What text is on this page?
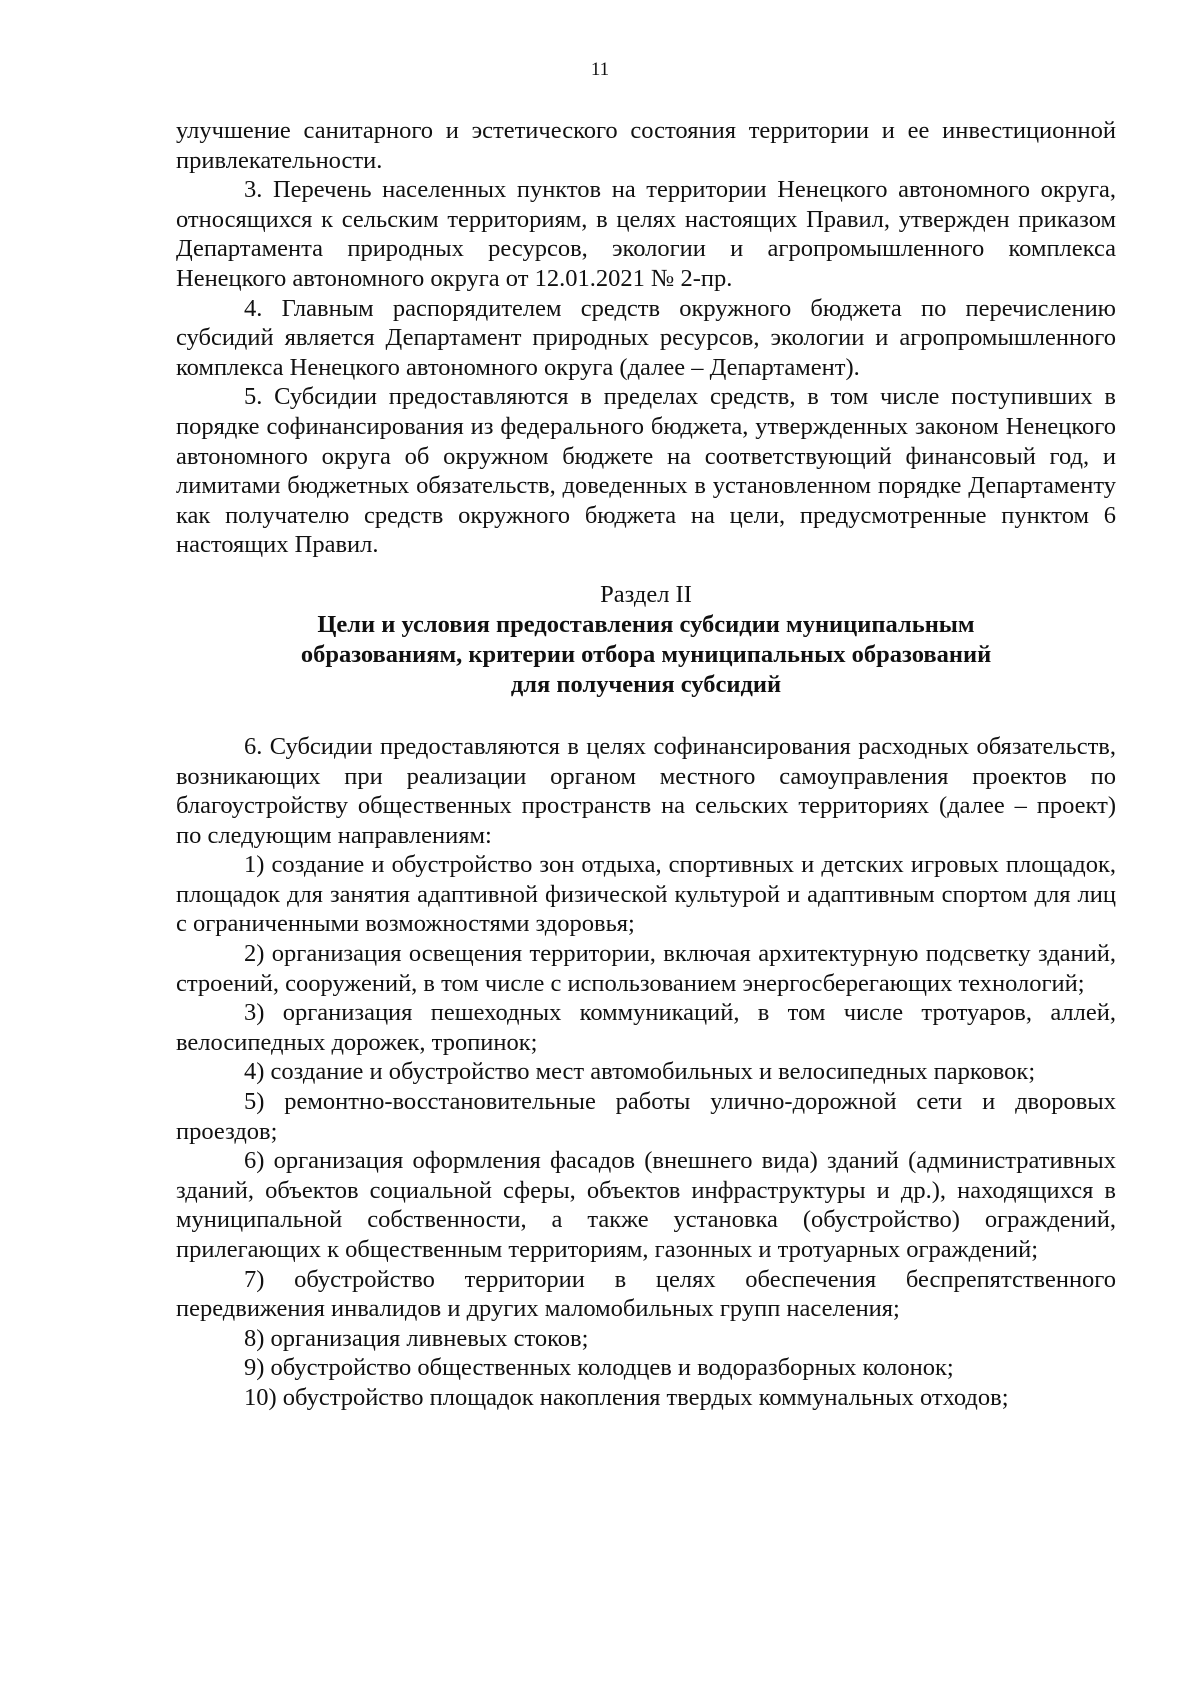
11

улучшение санитарного и эстетического состояния территории и ее инвестиционной привлекательности.

3. Перечень населенных пунктов на территории Ненецкого автономного округа, относящихся к сельским территориям, в целях настоящих Правил, утвержден приказом Департамента природных ресурсов, экологии и агропромышленного комплекса Ненецкого автономного округа от 12.01.2021 № 2-пр.

4. Главным распорядителем средств окружного бюджета по перечислению субсидий является Департамент природных ресурсов, экологии и агропромышленного комплекса Ненецкого автономного округа (далее – Департамент).

5. Субсидии предоставляются в пределах средств, в том числе поступивших в порядке софинансирования из федерального бюджета, утвержденных законом Ненецкого автономного округа об окружном бюджете на соответствующий финансовый год, и лимитами бюджетных обязательств, доведенных в установленном порядке Департаменту как получателю средств окружного бюджета на цели, предусмотренные пунктом 6 настоящих Правил.

Раздел II

Цели и условия предоставления субсидии муниципальным

образованиям, критерии отбора муниципальных образований

для получения субсидий

6. Субсидии предоставляются в целях софинансирования расходных обязательств, возникающих при реализации органом местного самоуправления проектов по благоустройству общественных пространств на сельских территориях (далее – проект) по следующим направлениям:

1) создание и обустройство зон отдыха, спортивных и детских игровых площадок, площадок для занятия адаптивной физической культурой и адаптивным спортом для лиц с ограниченными возможностями здоровья;

2) организация освещения территории, включая архитектурную подсветку зданий, строений, сооружений, в том числе с использованием энергосберегающих технологий;

3) организация пешеходных коммуникаций, в том числе тротуаров, аллей, велосипедных дорожек, тропинок;

4) создание и обустройство мест автомобильных и велосипедных парковок;

5) ремонтно-восстановительные работы улично-дорожной сети и дворовых проездов;

6) организация оформления фасадов (внешнего вида) зданий (административных зданий, объектов социальной сферы, объектов инфраструктуры и др.), находящихся в муниципальной собственности, а также установка (обустройство) ограждений, прилегающих к общественным территориям, газонных и тротуарных ограждений;

7) обустройство территории в целях обеспечения беспрепятственного передвижения инвалидов и других маломобильных групп населения;

8) организация ливневых стоков;

9) обустройство общественных колодцев и водоразборных колонок;

10) обустройство площадок накопления твердых коммунальных отходов;
